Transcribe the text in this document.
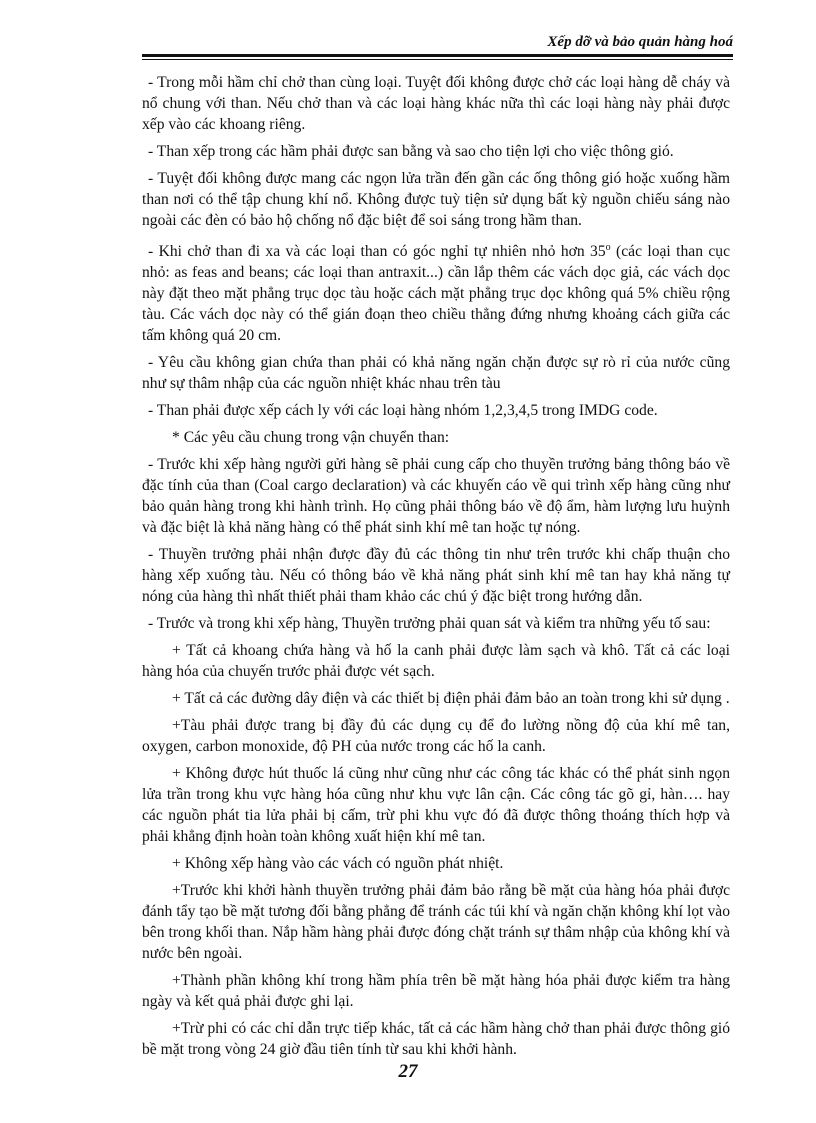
Xếp dỡ và bảo quản hàng hoá

- Trong mỗi hầm chỉ chở than cùng loại. Tuyệt đối không được chở các loại hàng dễ cháy và nổ chung với than. Nếu chở than và các loại hàng khác nữa thì các loại hàng này phải được xếp vào các khoang riêng.

- Than xếp trong các hầm phải được san bằng và sao cho tiện lợi cho việc thông gió.

- Tuyệt đối không được mang các ngọn lửa trần đến gần các ống thông gió hoặc xuống hầm than nơi có thể tập chung khí nổ. Không được tuỳ tiện sử dụng bất kỳ nguồn chiếu sáng nào ngoài các đèn có bảo hộ chống nổ đặc biệt để soi sáng trong hầm than.

- Khi chở than đi xa và các loại than có góc nghỉ tự nhiên nhỏ hơn 35$^o$ (các loại than cục nhỏ: as feas and beans; các loại than antraxit...) cần lắp thêm các vách dọc giả, các vách dọc này đặt theo mặt phẳng trục dọc tàu hoặc cách mặt phẳng trục dọc không quá 5% chiều rộng tàu. Các vách dọc này có thể gián đoạn theo chiều thẳng đứng nhưng khoảng cách giữa các tấm không quá 20 cm.

- Yêu cầu không gian chứa than phải có khả năng ngăn chặn được sự rò rỉ của nước cũng như sự thâm nhập của các nguồn nhiệt khác nhau trên tàu

- Than phải được xếp cách ly với các loại hàng nhóm 1,2,3,4,5 trong IMDG code.

* Các yêu cầu chung trong vận chuyển than:

- Trước khi xếp hàng người gửi hàng sẽ phải cung cấp cho thuyền trưởng bảng thông báo về đặc tính của than (Coal cargo declaration) và các khuyến cáo về qui trình xếp hàng cũng như bảo quản hàng trong khi hành trình. Họ cũng phải thông báo về độ ẩm, hàm lượng lưu huỳnh và đặc biệt là khả năng hàng có thể phát sinh khí mê tan hoặc tự nóng.

- Thuyền trưởng phải nhận được đầy đủ các thông tin như trên trước khi chấp thuận cho hàng xếp xuống tàu. Nếu có thông báo về khả năng phát sinh khí mê tan hay khả năng tự nóng của hàng thì nhất thiết phải tham khảo các chú ý đặc biệt trong hướng dẫn.

- Trước và trong khi xếp hàng, Thuyền trưởng phải quan sát và kiểm tra những yếu tố sau:

+ Tất cả khoang chứa hàng và hố la canh phải được làm sạch và khô. Tất cả các loại hàng hóa của chuyến trước phải được vét sạch.

+ Tất cả các đường dây điện và các thiết bị điện phải đảm bảo an toàn trong khi sử dụng .

+Tàu phải được trang bị đầy đủ các dụng cụ để đo lường nồng độ của khí mê tan, oxygen, carbon monoxide, độ PH của nước trong các hố la canh.

+ Không được hút thuốc lá cũng như cũng như các công tác khác có thể phát sinh ngọn lửa trần trong khu vực hàng hóa cũng như khu vực lân cận. Các công tác gõ gỉ, hàn…. hay các nguồn phát tia lửa phải bị cấm, trừ phi khu vực đó đã được thông thoáng thích hợp và phải khẳng định hoàn toàn không xuất hiện khí mê tan.

+ Không xếp hàng vào các vách có nguồn phát nhiệt.

+Trước khi khởi hành thuyền trưởng phải đảm bảo rằng bề mặt của hàng hóa phải được đánh tẩy tạo bề mặt tương đối bằng phẳng để tránh các túi khí và ngăn chặn không khí lọt vào bên trong khối than. Nắp hầm hàng phải được đóng chặt tránh sự thâm nhập của không khí và nước bên ngoài.

+Thành phần không khí trong hầm phía trên bề mặt hàng hóa phải được kiểm tra hàng ngày và kết quả phải được ghi lại.

+Trừ phi có các chỉ dẫn trực tiếp khác, tất cả các hầm hàng chở than phải được thông gió bề mặt trong vòng 24 giờ đầu tiên tính từ sau khi khởi hành.

27
